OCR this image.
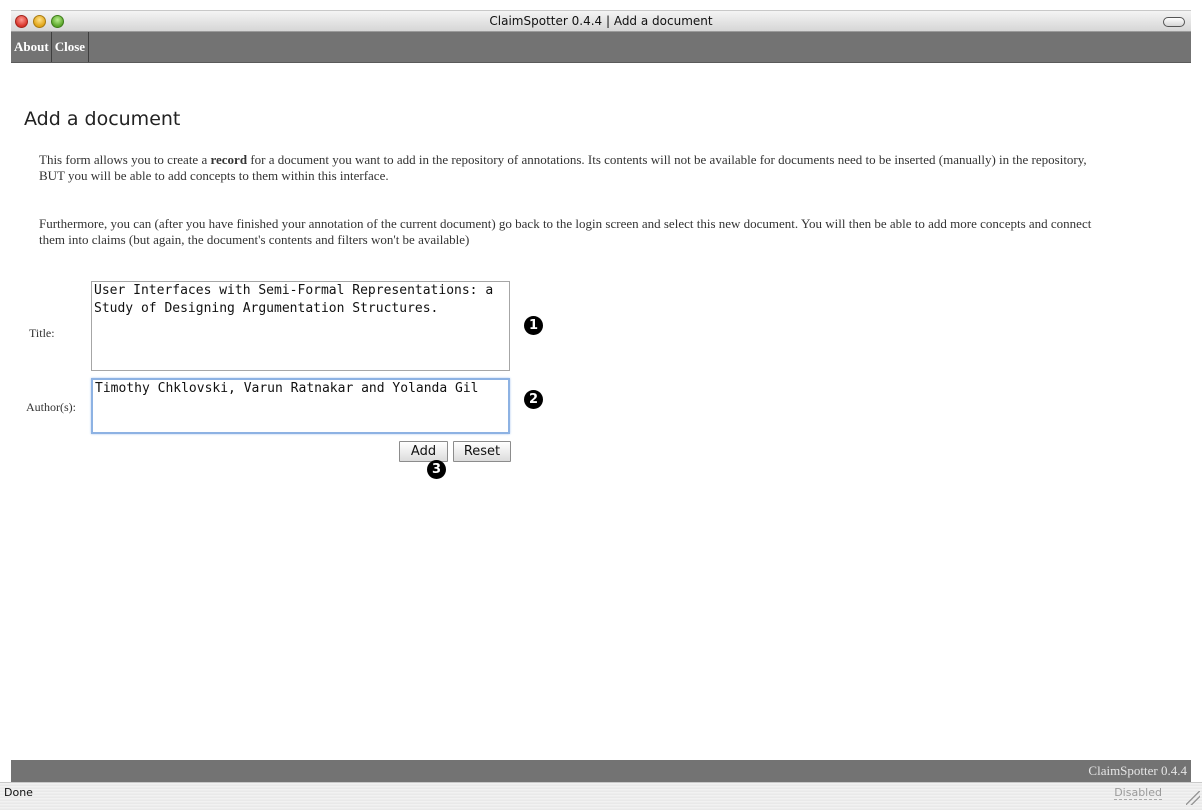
ClaimSpotter 0.4.4 | Add a document
About Close
Add a document

This form allows you to create a record for a document you want to add in the repository of annotations. Its contents will not be available for documents need to be inserted (manually) in the repository, BUT you will be able to add concepts to them within this interface.

Furthermore, you can (after you have finished your annotation of the current document) go back to the login screen and select this new document. You will then be able to add more concepts and connect them into claims (but again, the document's contents and filters won't be available)

Title:
User Interfaces with Semi-Formal Representations: a Study of Designing Argumentation Structures.	1
Author(s):
Timothy Chklovski, Varun Ratnakar and Yolanda Gil	2
Add	Reset
3
ClaimSpotter 0.4.4
Done	Disabled
